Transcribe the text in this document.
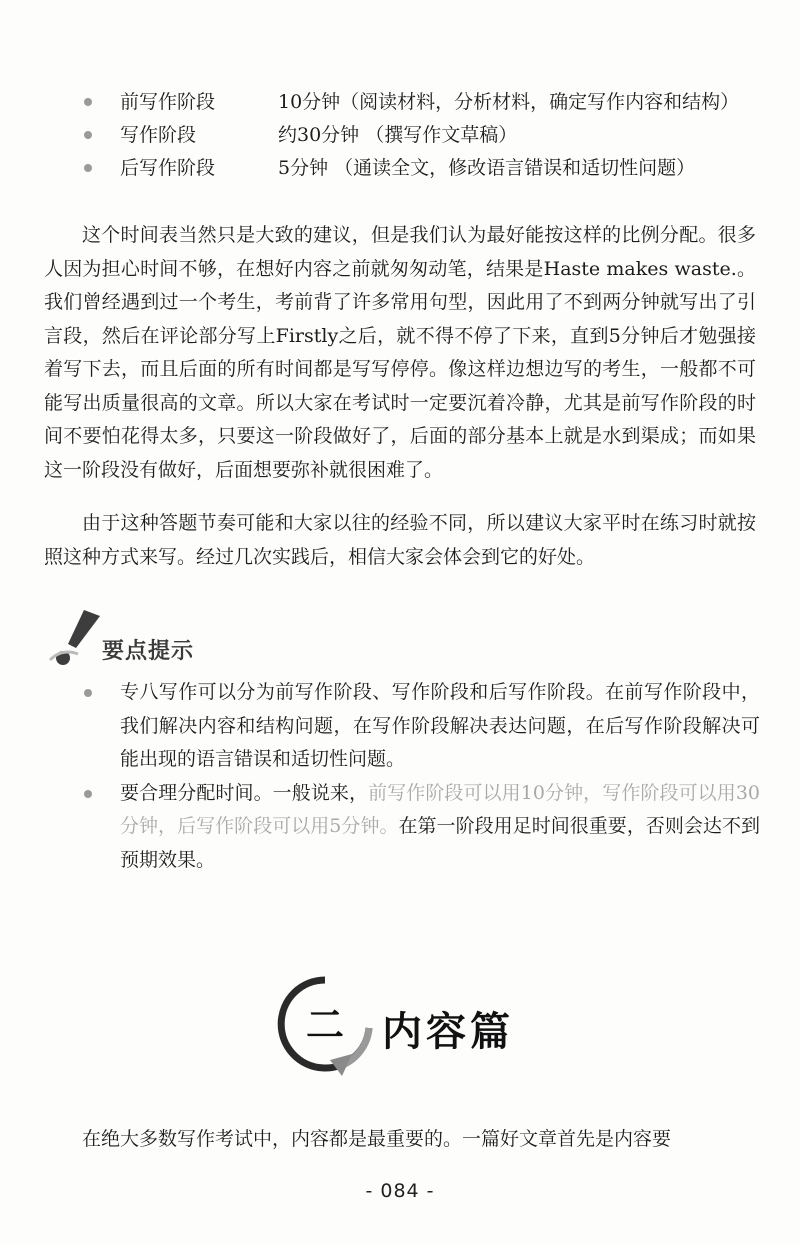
前写作阶段	10分钟（阅读材料，分析材料，确定写作内容和结构）
写作阶段	约30分钟 （撰写作文草稿）
后写作阶段	5分钟 （通读全文，修改语言错误和适切性问题）

这个时间表当然只是大致的建议，但是我们认为最好能按这样的比例分配。很多人因为担心时间不够，在想好内容之前就匆匆动笔，结果是Haste makes waste.。我们曾经遇到过一个考生，考前背了许多常用句型，因此用了不到两分钟就写出了引言段，然后在评论部分写上Firstly之后，就不得不停了下来，直到5分钟后才勉强接着写下去，而且后面的所有时间都是写写停停。像这样边想边写的考生，一般都不可能写出质量很高的文章。所以大家在考试时一定要沉着冷静，尤其是前写作阶段的时间不要怕花得太多，只要这一阶段做好了，后面的部分基本上就是水到渠成；而如果这一阶段没有做好，后面想要弥补就很困难了。

由于这种答题节奏可能和大家以往的经验不同，所以建议大家平时在练习时就按照这种方式来写。经过几次实践后，相信大家会体会到它的好处。

要点提示
专八写作可以分为前写作阶段、写作阶段和后写作阶段。在前写作阶段中，我们解决内容和结构问题，在写作阶段解决表达问题，在后写作阶段解决可能出现的语言错误和适切性问题。
要合理分配时间。一般说来，前写作阶段可以用10分钟，写作阶段可以用30分钟，后写作阶段可以用5分钟。在第一阶段用足时间很重要，否则会达不到预期效果。
二 内容篇

在绝大多数写作考试中，内容都是最重要的。一篇好文章首先是内容要

- 084 -
